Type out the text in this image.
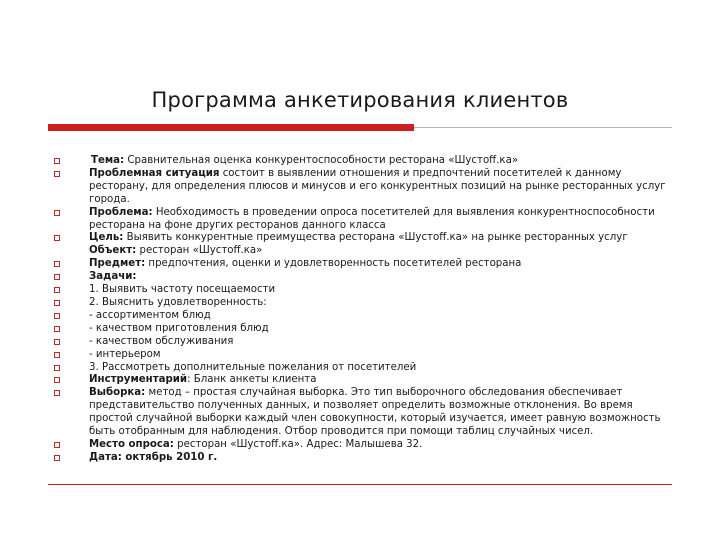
Программа анкетирования клиентов
Тема: Сравнительная оценка конкурентоспособности ресторана «Шустoff.ка»
Проблемная ситуация состоит в выявлении отношения и предпочтений посетителей к данному ресторану, для определения плюсов и минусов и его конкурентных позиций на рынке ресторанных услуг города.
Проблема: Необходимость в проведении опроса посетителей для выявления конкурентноспособности ресторана на фоне других ресторанов данного класса
Цель: Выявить конкурентные преимущества ресторана «Шустoff.ка» на рынке ресторанных услуг
Объект: ресторан «Шустoff.ка»
Предмет: предпочтения, оценки и удовлетворенность посетителей ресторана
Задачи:
1. Выявить частоту посещаемости
2. Выяснить удовлетворенность:
- ассортиментом блюд
- качеством приготовления блюд
- качеством обслуживания
- интерьером
3. Рассмотреть дополнительные пожелания от посетителей
Инструментарий: Бланк анкеты клиента
Выборка: метод – простая случайная выборка. Это тип выборочного обследования обеспечивает представительство полученных данных, и позволяет определить возможные отклонения. Во время простой случайной выборки каждый член совокупности, который изучается, имеет равную возможность быть отобранным для наблюдения. Отбор проводится при помощи таблиц случайных чисел.
Место опроса: ресторан «Шустoff.ка». Адрес: Малышева 32.
Дата: октябрь 2010 г.
